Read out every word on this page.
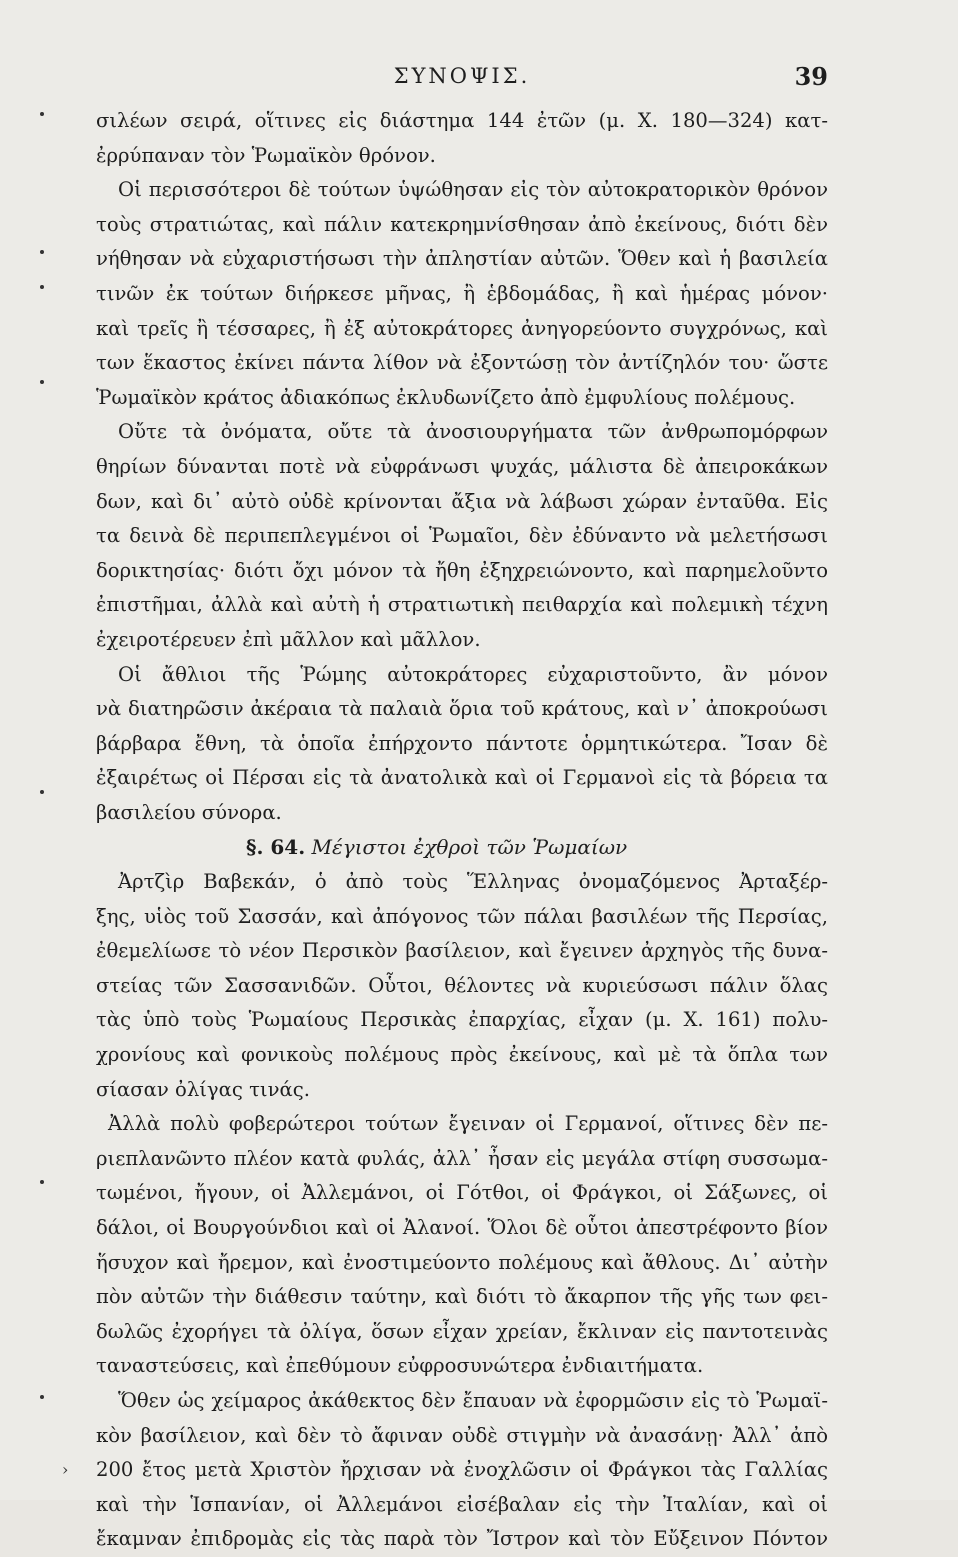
ΣΥΝΟΨΙΣ.	39
σιλέων σειρά, οἵτινες εἰς διάστημα 144 ἐτῶν (μ. Χ. 180—324) κατ-
ἐρρύπαναν τὸν Ῥωμαϊκὸν θρόνον.
Οἱ περισσότεροι δὲ τούτων ὑψώθησαν εἰς τὸν αὐτοκρατορικὸν θρόνον
τοὺς στρατιώτας, καὶ πάλιν κατεκρημνίσθησαν ἀπὸ ἐκείνους, διότι δὲν
νήθησαν νὰ εὐχαριστήσωσι τὴν ἀπληστίαν αὐτῶν. Ὅθεν καὶ ἡ βασιλεία
τινῶν ἐκ τούτων διήρκεσε μῆνας, ἢ ἑβδομάδας, ἢ καὶ ἡμέρας μόνον·
καὶ τρεῖς ἢ τέσσαρες, ἢ ἐξ αὐτοκράτορες ἀνηγορεύοντο συγχρόνως, καὶ
των ἕκαστος ἐκίνει πάντα λίθον νὰ ἐξοντώσῃ τὸν ἀντίζηλόν του· ὥστε
Ῥωμαϊκὸν κράτος ἀδιακόπως ἐκλυδωνίζετο ἀπὸ ἐμφυλίους πολέμους.
Οὔτε τὰ ὀνόματα, οὔτε τὰ ἀνοσιουργήματα τῶν ἀνθρωπομόρφων
θηρίων δύνανται ποτὲ νὰ εὐφράνωσι ψυχάς, μάλιστα δὲ ἀπειροκάκων
δων, καὶ δι᾽ αὐτὸ οὐδὲ κρίνονται ἄξια νὰ λάβωσι χώραν ἐνταῦθα. Εἰς
τα δεινὰ δὲ περιπεπλεγμένοι οἱ Ῥωμαῖοι, δὲν ἐδύναντο νὰ μελετήσωσι
δορικτησίας· διότι ὄχι μόνον τὰ ἤθη ἐξηχρειώνοντο, καὶ παρημελοῦντο
ἐπιστῆμαι, ἀλλὰ καὶ αὐτὴ ἡ στρατιωτικὴ πειθαρχία καὶ πολεμικὴ τέχνη
ἐχειροτέρευεν ἐπὶ μᾶλλον καὶ μᾶλλον.
Οἱ ἄθλιοι τῆς Ῥώμης αὐτοκράτορες εὐχαριστοῦντο, ἂν μόνον
νὰ διατηρῶσιν ἀκέραια τὰ παλαιὰ ὅρια τοῦ κράτους, καὶ ν᾽ ἀποκρούωσι
βάρβαρα ἔθνη, τὰ ὁποῖα ἐπήρχοντο πάντοτε ὁρμητικώτερα. Ἴσαν δὲ
ἐξαιρέτως οἱ Πέρσαι εἰς τὰ ἀνατολικὰ καὶ οἱ Γερμανοὶ εἰς τὰ βόρεια τα
βασιλείου σύνορα.
§. 64. Μέγιστοι ἐχθροὶ τῶν Ῥωμαίων
Ἀρτζὶρ Βαβεκάν, ὁ ἀπὸ τοὺς Ἕλληνας ὀνομαζόμενος Ἀρταξέρ-
ξης, υἱὸς τοῦ Σασσάν, καὶ ἀπόγονος τῶν πάλαι βασιλέων τῆς Περσίας,
ἐθεμελίωσε τὸ νέον Περσικὸν βασίλειον, καὶ ἔγεινεν ἀρχηγὸς τῆς δυνα-
στείας τῶν Σασσανιδῶν. Οὗτοι, θέλοντες νὰ κυριεύσωσι πάλιν ὅλας
τὰς ὑπὸ τοὺς Ῥωμαίους Περσικὰς ἐπαρχίας, εἶχαν (μ. Χ. 161) πολυ-
χρονίους καὶ φονικοὺς πολέμους πρὸς ἐκείνους, καὶ μὲ τὰ ὅπλα των
σίασαν ὀλίγας τινάς.
Ἀλλὰ πολὺ φοβερώτεροι τούτων ἔγειναν οἱ Γερμανοί, οἵτινες δὲν πε-
ριεπλανῶντο πλέον κατὰ φυλάς, ἀλλ᾽ ἦσαν εἰς μεγάλα στίφη συσσωμα-
τωμένοι, ἤγουν, οἱ Ἀλλεμάνοι, οἱ Γότθοι, οἱ Φράγκοι, οἱ Σάξωνες, οἱ
δάλοι, οἱ Βουργούνδιοι καὶ οἱ Ἀλανοί. Ὅλοι δὲ οὗτοι ἀπεστρέφοντο βίον
ἥσυχον καὶ ἤρεμον, καὶ ἐνοστιμεύοντο πολέμους καὶ ἄθλους. Δι᾽ αὐτὴν
πὸν αὐτῶν τὴν διάθεσιν ταύτην, καὶ διότι τὸ ἄκαρπον τῆς γῆς των φει-
δωλῶς ἐχορήγει τὰ ὀλίγα, ὅσων εἶχαν χρείαν, ἔκλιναν εἰς παντοτεινὰς
ταναστεύσεις, καὶ ἐπεθύμουν εὐφροσυνώτερα ἐνδιαιτήματα.
Ὅθεν ὡς χείμαρος ἀκάθεκτος δὲν ἔπαυαν νὰ ἐφορμῶσιν εἰς τὸ Ῥωμαϊ-
κὸν βασίλειον, καὶ δὲν τὸ ἄφιναν οὐδὲ στιγμὴν νὰ ἀνασάνῃ· Ἀλλ᾽ ἀπὸ
200 ἔτος μετὰ Χριστὸν ἤρχισαν νὰ ἐνοχλῶσιν οἱ Φράγκοι τὰς Γαλλίας
καὶ τὴν Ἱσπανίαν, οἱ Ἀλλεμάνοι εἰσέβαλαν εἰς τὴν Ἰταλίαν, καὶ οἱ
ἔκαμναν ἐπιδρομὰς εἰς τὰς παρὰ τὸν Ἴστρον καὶ τὸν Εὔξεινον Πόντον
›
